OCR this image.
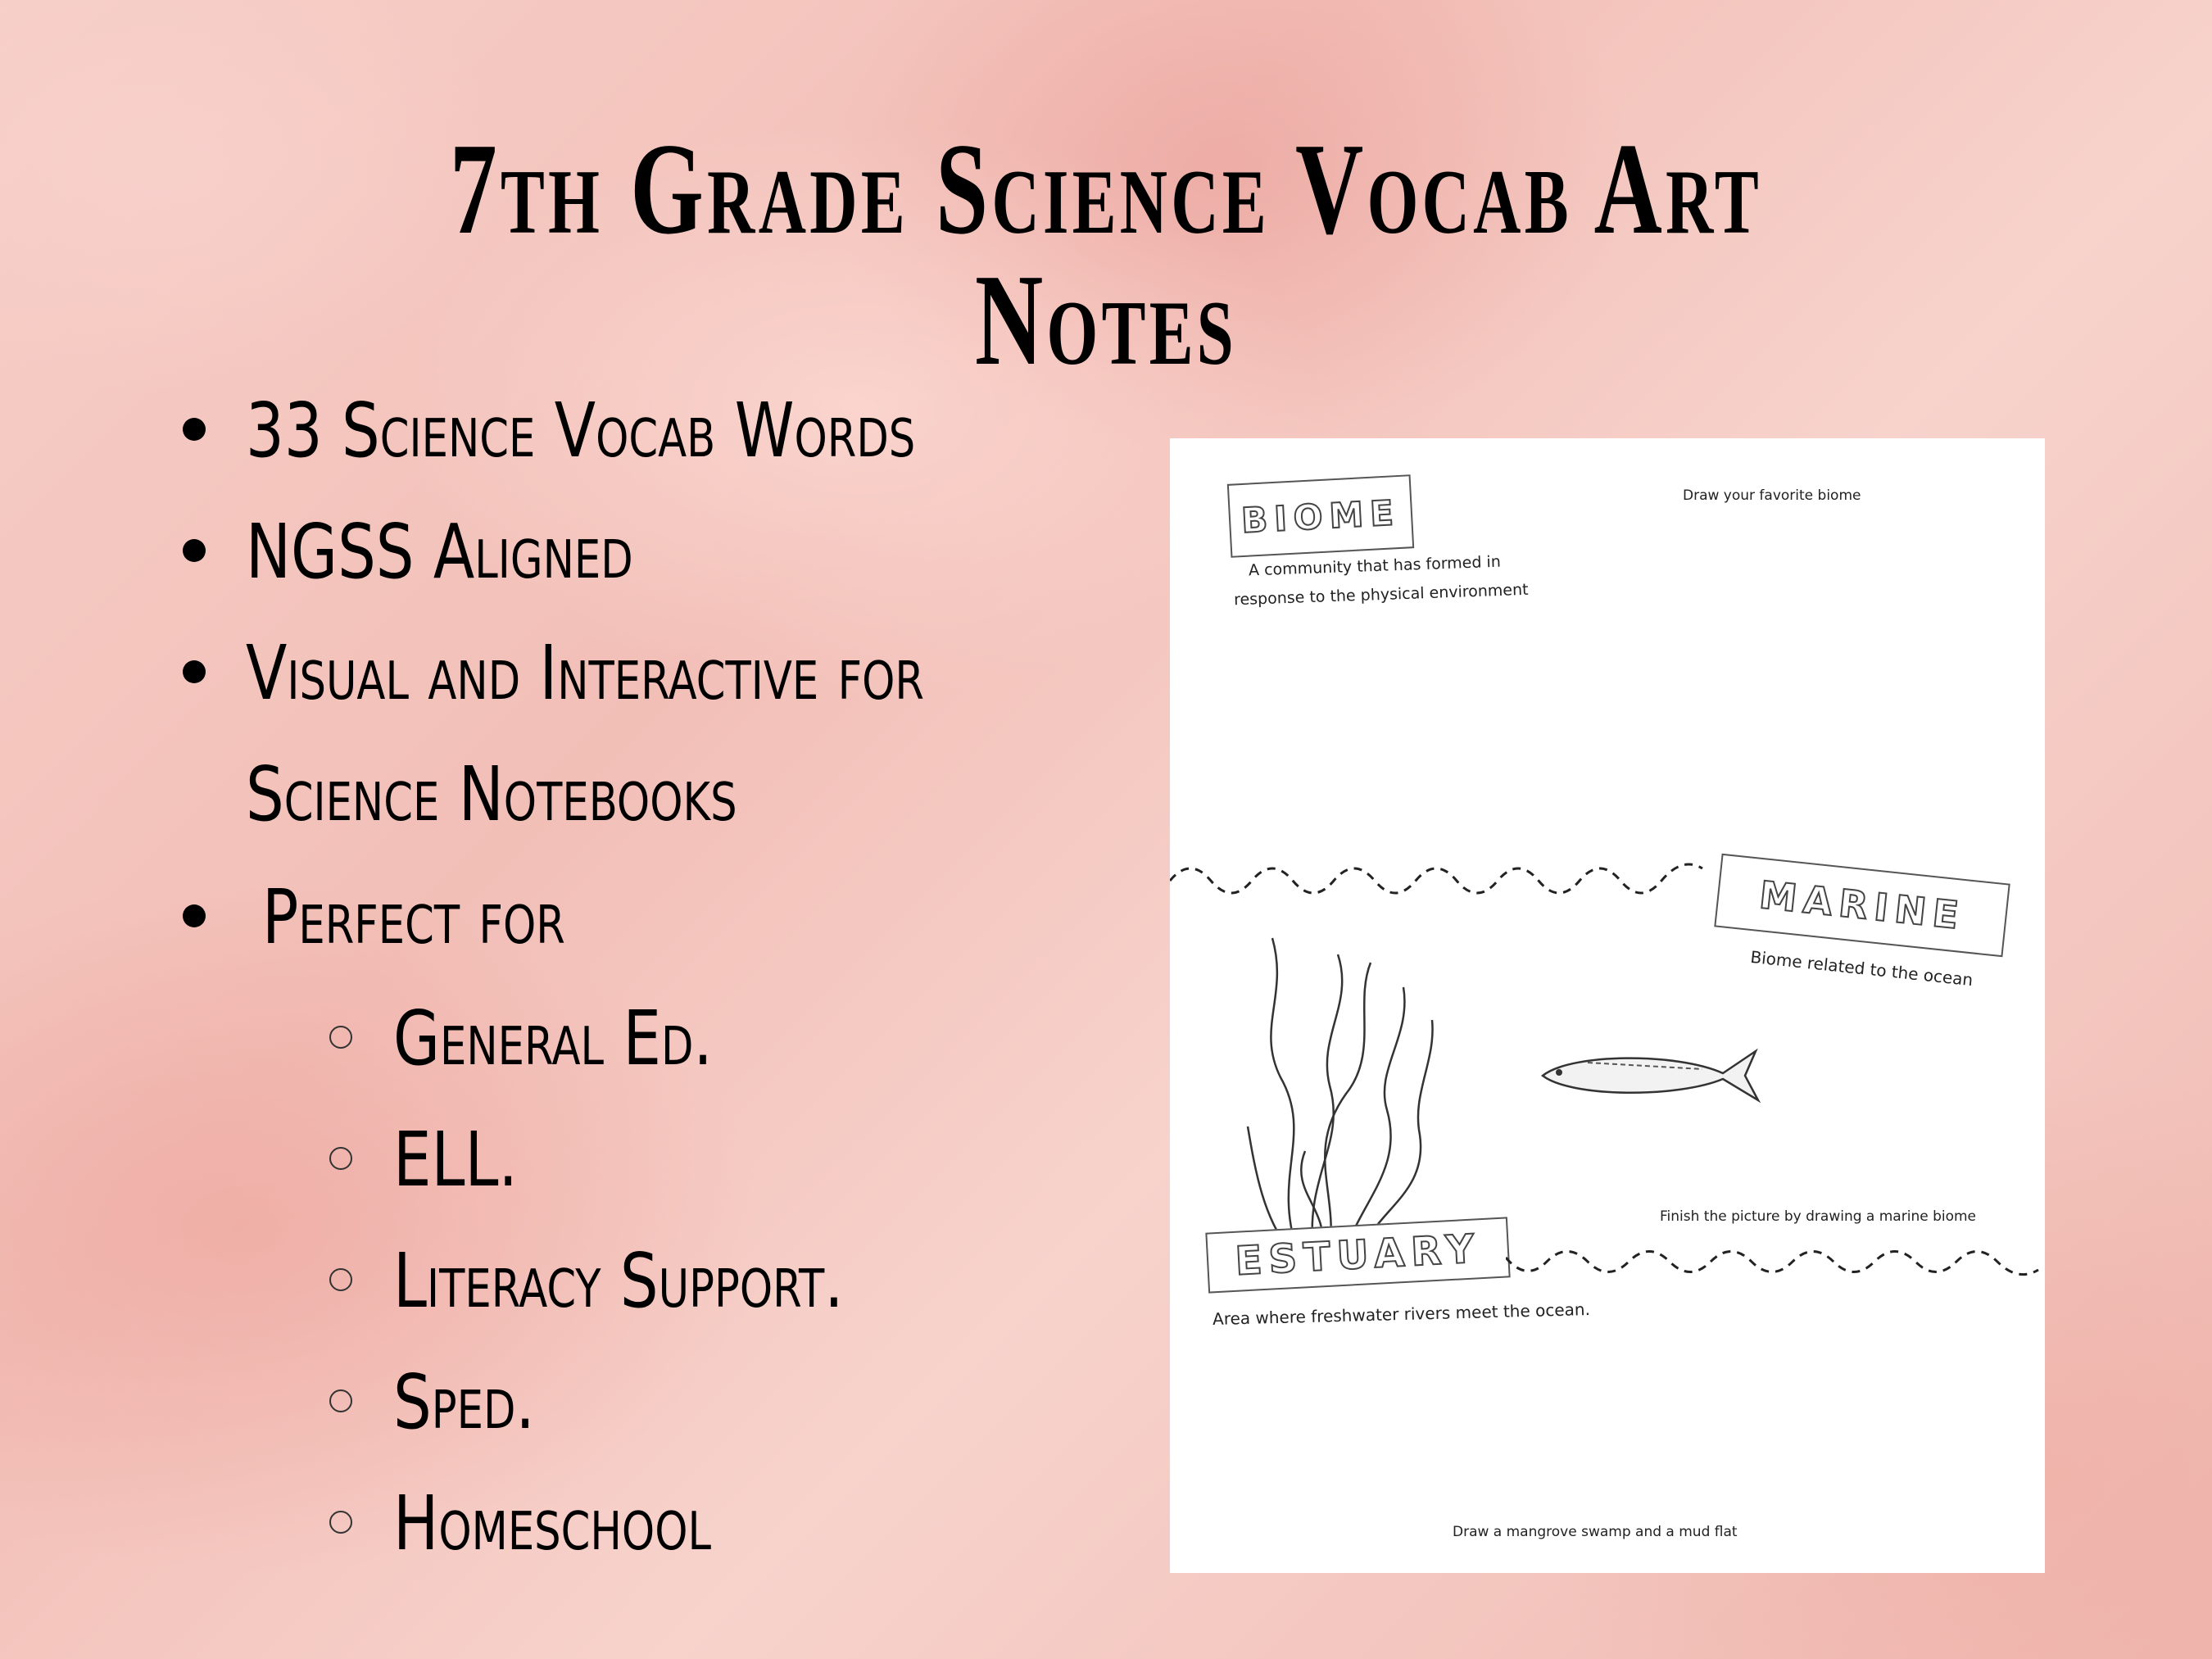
7th Grade Science Vocab Art Notes
33 Science Vocab Words
NGSS Aligned
Visual and Interactive for
Science Notebooks
Perfect for
General Ed.
ELL.
Literacy Support.
Sped.
Homeschool
BIOME
A community that has formed in
response to the physical environment
Draw your favorite biome
MARINE
Biome related to the ocean
Finish the picture by drawing a marine biome
ESTUARY
Area where freshwater rivers meet the ocean.
Draw a mangrove swamp and a mud flat
